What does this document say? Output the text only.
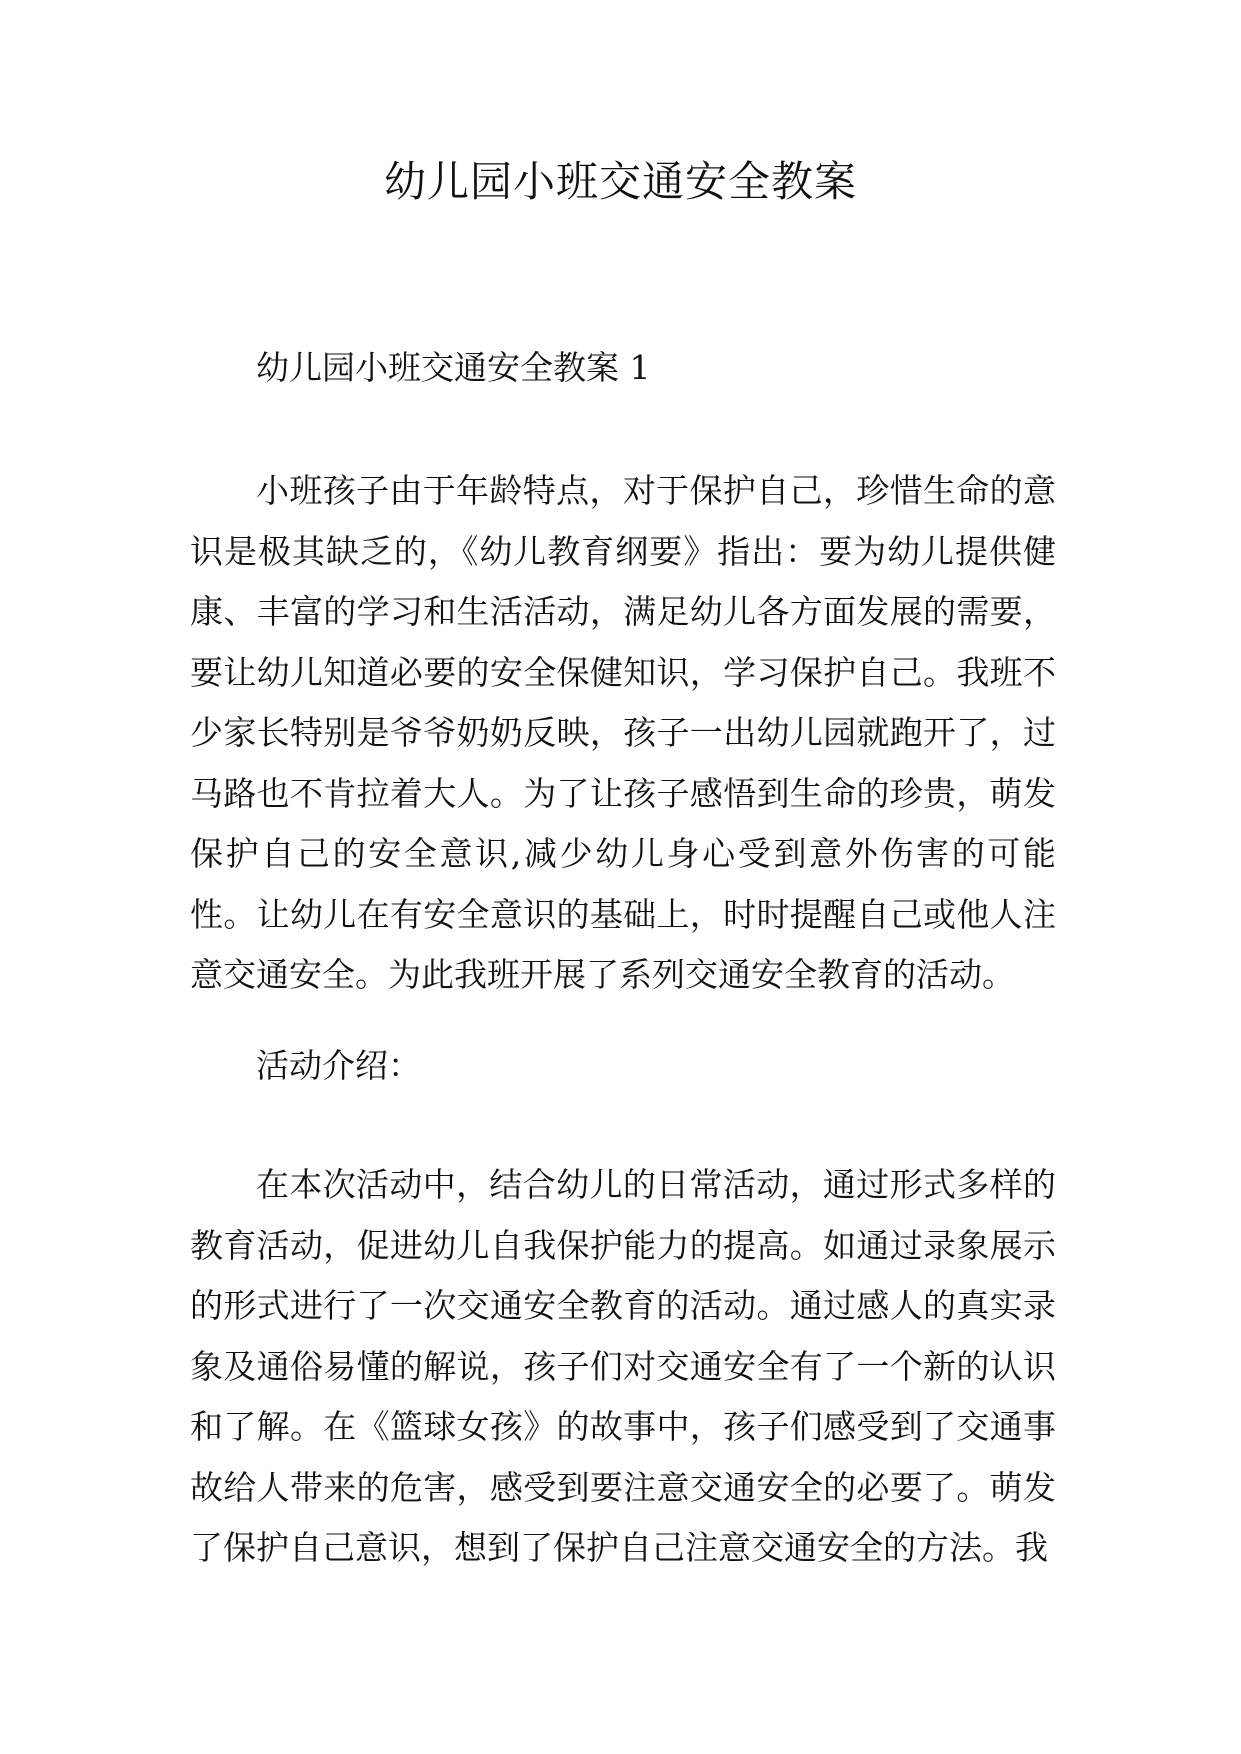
幼儿园小班交通安全教案
幼儿园小班交通安全教案 1

小班孩子由于年龄特点，对于保护自己，珍惜生命的意识是极其缺乏的，《幼儿教育纲要》指出：要为幼儿提供健康、丰富的学习和生活活动，满足幼儿各方面发展的需要，要让幼儿知道必要的安全保健知识，学习保护自己。我班不少家长特别是爷爷奶奶反映，孩子一出幼儿园就跑开了，过马路也不肯拉着大人。为了让孩子感悟到生命的珍贵，萌发保护自己的安全意识,减少幼儿身心受到意外伤害的可能性。让幼儿在有安全意识的基础上，时时提醒自己或他人注意交通安全。为此我班开展了系列交通安全教育的活动。

活动介绍：

在本次活动中，结合幼儿的日常活动，通过形式多样的教育活动，促进幼儿自我保护能力的提高。如通过录象展示的形式进行了一次交通安全教育的活动。通过感人的真实录象及通俗易懂的解说，孩子们对交通安全有了一个新的认识和了解。在《篮球女孩》的故事中，孩子们感受到了交通事故给人带来的危害，感受到要注意交通安全的必要了。萌发了保护自己意识，想到了保护自己注意交通安全的方法。我
